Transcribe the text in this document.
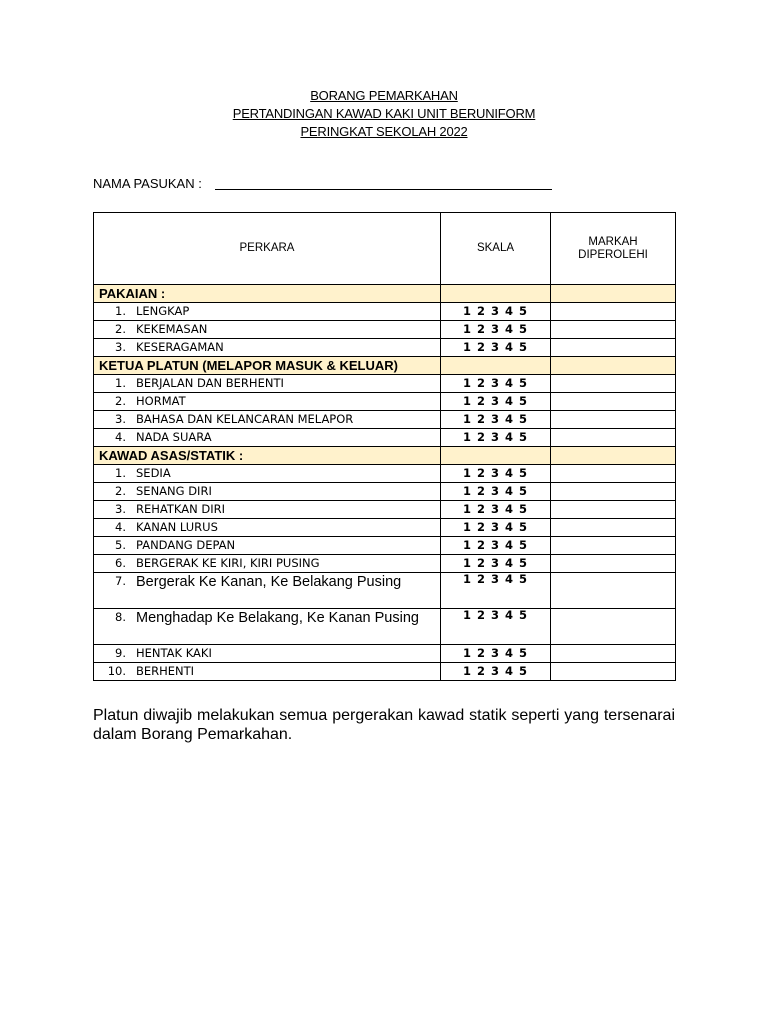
BORANG PEMARKAHAN
PERTANDINGAN KAWAD KAKI UNIT BERUNIFORM
PERINGKAT SEKOLAH 2022
NAMA PASUKAN :
PERKARA	SKALA	MARKAH DIPEROLEHI
PAKAIAN :		

1. LENGKAP	1 2 3 4 5	

2. KEKEMASAN	1 2 3 4 5	

3. KESERAGAMAN	1 2 3 4 5	
KETUA PLATUN (MELAPOR MASUK & KELUAR)		

1. BERJALAN DAN BERHENTI	1 2 3 4 5	

2. HORMAT	1 2 3 4 5	

3. BAHASA DAN KELANCARAN MELAPOR	1 2 3 4 5	

4. NADA SUARA	1 2 3 4 5	
KAWAD ASAS/STATIK :		

1. SEDIA	1 2 3 4 5	

2. SENANG DIRI	1 2 3 4 5	

3. REHATKAN DIRI	1 2 3 4 5	

4. KANAN LURUS	1 2 3 4 5	

5. PANDANG DEPAN	1 2 3 4 5	

6. BERGERAK KE KIRI, KIRI PUSING	1 2 3 4 5	

7. Bergerak Ke Kanan, Ke Belakang Pusing	1 2 3 4 5	

8. Menghadap Ke Belakang, Ke Kanan Pusing	1 2 3 4 5	

9. HENTAK KAKI	1 2 3 4 5	

10. BERHENTI	1 2 3 4 5	
Platun diwajib melakukan semua pergerakan kawad statik seperti yang tersenarai dalam Borang Pemarkahan.
